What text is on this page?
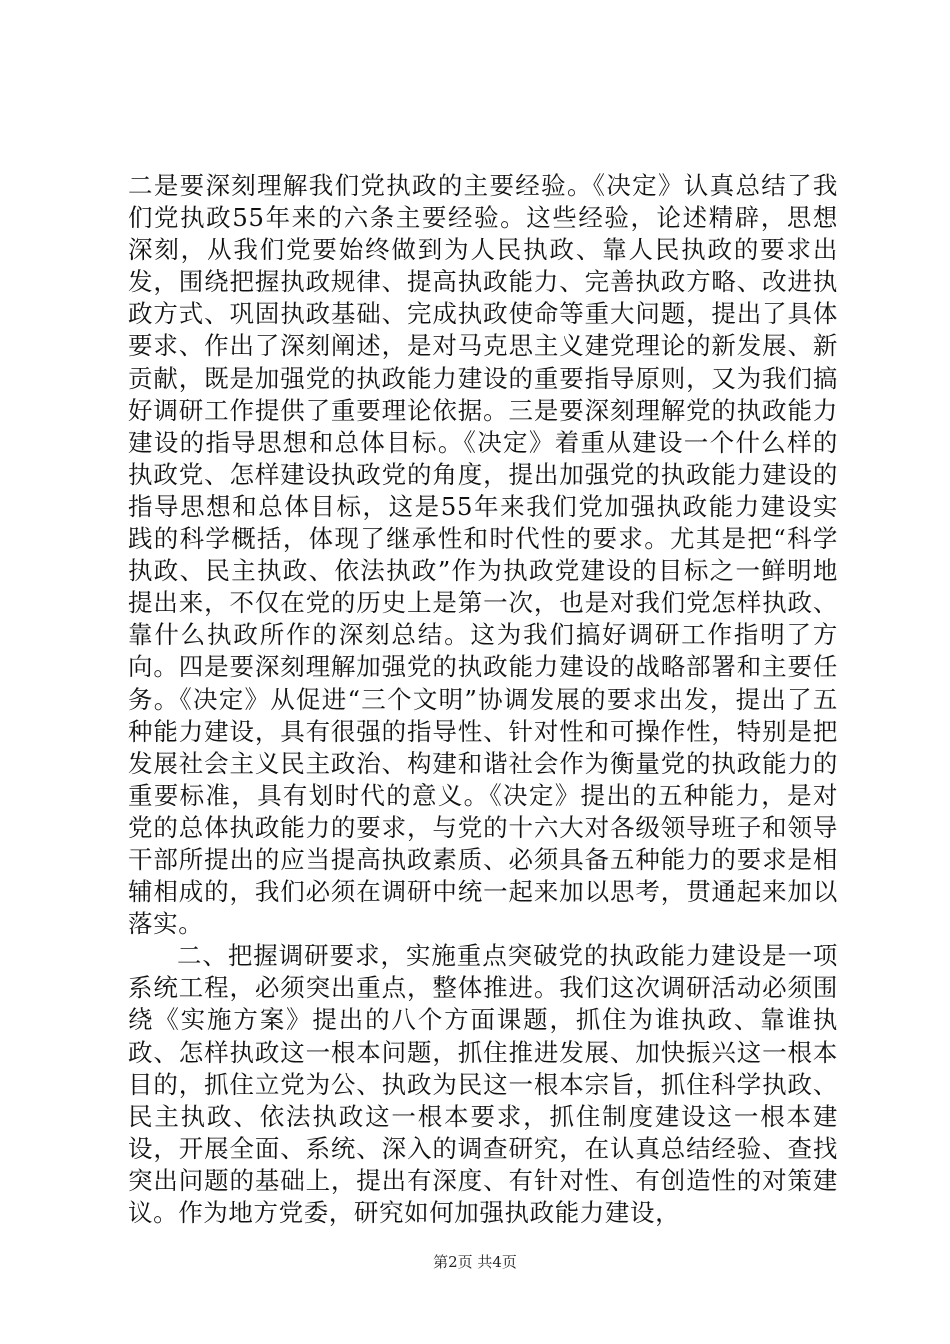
二是要深刻理解我们党执政的主要经验。《决定》认真总结了我们党执政55年来的六条主要经验。这些经验，论述精辟，思想深刻，从我们党要始终做到为人民执政、靠人民执政的要求出发，围绕把握执政规律、提高执政能力、完善执政方略、改进执政方式、巩固执政基础、完成执政使命等重大问题，提出了具体要求、作出了深刻阐述，是对马克思主义建党理论的新发展、新贡献，既是加强党的执政能力建设的重要指导原则，又为我们搞好调研工作提供了重要理论依据。三是要深刻理解党的执政能力建设的指导思想和总体目标。《决定》着重从建设一个什么样的执政党、怎样建设执政党的角度，提出加强党的执政能力建设的指导思想和总体目标，这是55年来我们党加强执政能力建设实践的科学概括，体现了继承性和时代性的要求。尤其是把“科学执政、民主执政、依法执政”作为执政党建设的目标之一鲜明地提出来，不仅在党的历史上是第一次，也是对我们党怎样执政、靠什么执政所作的深刻总结。这为我们搞好调研工作指明了方向。四是要深刻理解加强党的执政能力建设的战略部署和主要任务。《决定》从促进“三个文明”协调发展的要求出发，提出了五种能力建设，具有很强的指导性、针对性和可操作性，特别是把发展社会主义民主政治、构建和谐社会作为衡量党的执政能力的重要标准，具有划时代的意义。《决定》提出的五种能力，是对党的总体执政能力的要求，与党的十六大对各级领导班子和领导干部所提出的应当提高执政素质、必须具备五种能力的要求是相辅相成的，我们必须在调研中统一起来加以思考，贯通起来加以落实。

二、把握调研要求，实施重点突破党的执政能力建设是一项系统工程，必须突出重点，整体推进。我们这次调研活动必须围绕《实施方案》提出的八个方面课题，抓住为谁执政、靠谁执政、怎样执政这一根本问题，抓住推进发展、加快振兴这一根本目的，抓住立党为公、执政为民这一根本宗旨，抓住科学执政、民主执政、依法执政这一根本要求，抓住制度建设这一根本建设，开展全面、系统、深入的调查研究，在认真总结经验、查找突出问题的基础上，提出有深度、有针对性、有创造性的对策建议。作为地方党委，研究如何加强执政能力建设，

第2页 共4页
